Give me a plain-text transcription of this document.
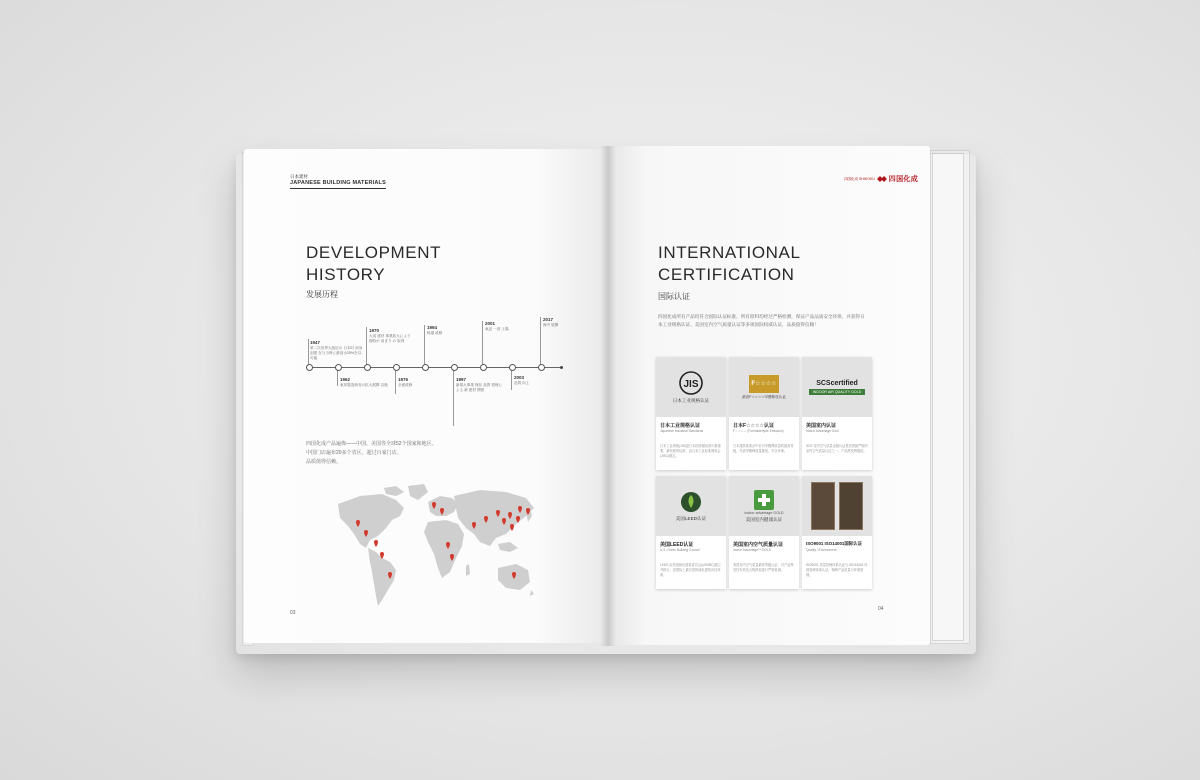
日本建材
JAPANESE BUILDING MATERIALS
DEVELOPMENT
HISTORY
发展历程
1947
第二次世界大战后の 日本时 前身创建 在与当時に最高水25%を以 可能
1962
東邦製造商务の拡大展開 以後
1970
大成 建材 事業拡大により 期待が 高まり の 取得
1976
全面改修
1994
極端 改修
1997
新規大事業 保存 品質 管理による 新 建材 開発
2001
東証 一部 上場
2003
品質 向上
2017
海外 展開
四国化成产品遍佈——中国、美国等全球52个国家和地区。
中国门店遍布20多个省区，超过百家门店。
品质值得信赖。
03
四国化成 SHIKOKU 四国化成
INTERNATIONAL
CERTIFICATION
国际认证
四国化成所有产品均符合国际认证标准，所有原料均经过严格检测，保证产品品质安全环保，并获得日本工业规格认证、美国室内空气质量认证等多项国际权威认证，品质值得信赖！
JIS
日本工业规格认证
日本工业规格认证
Japanese Industrial Standards
日本工业规格(JIS)是日本国家级标准中最重要、最权威的标准，由日本工业标准调查会(JISC)制定。
F☆☆☆☆
最高F☆☆☆☆甲醛释放认证
日本F☆☆☆☆认证
F☆☆☆☆ (Formaldehyde Emission)
日本建筑基准法中针对甲醛释放量的最高等级，代表甲醛释放量极低，安全环保。
SCScertified
INDOOR AIR QUALITY GOLD
美国室内认证
Indoor Advantage Gold
SCS 室内空气质量金级认证是美国最严格的室内空气质量认证之一，产品挥发物极低。
美国LEED认证
美国LEED认证
U.S. Green Building Council
LEED 由美国绿色建筑委员会(USGBC)建立并推行，是国际上最完善的绿色建筑评估体系。
indoor advantage GOLD
美国室内健康认证
美国室内空气质量认证
Indoor Advantage™ GOLD
美国室内空气质量最高等级认证，对产品挥发性有机化合物排放进行严格检测。
ISO9001 ISO14001国际认证
Quality / Environment
ISO9001 质量管理体系认证与 ISO14001 环境管理体系认证，保障产品质量与环境管理。
04
